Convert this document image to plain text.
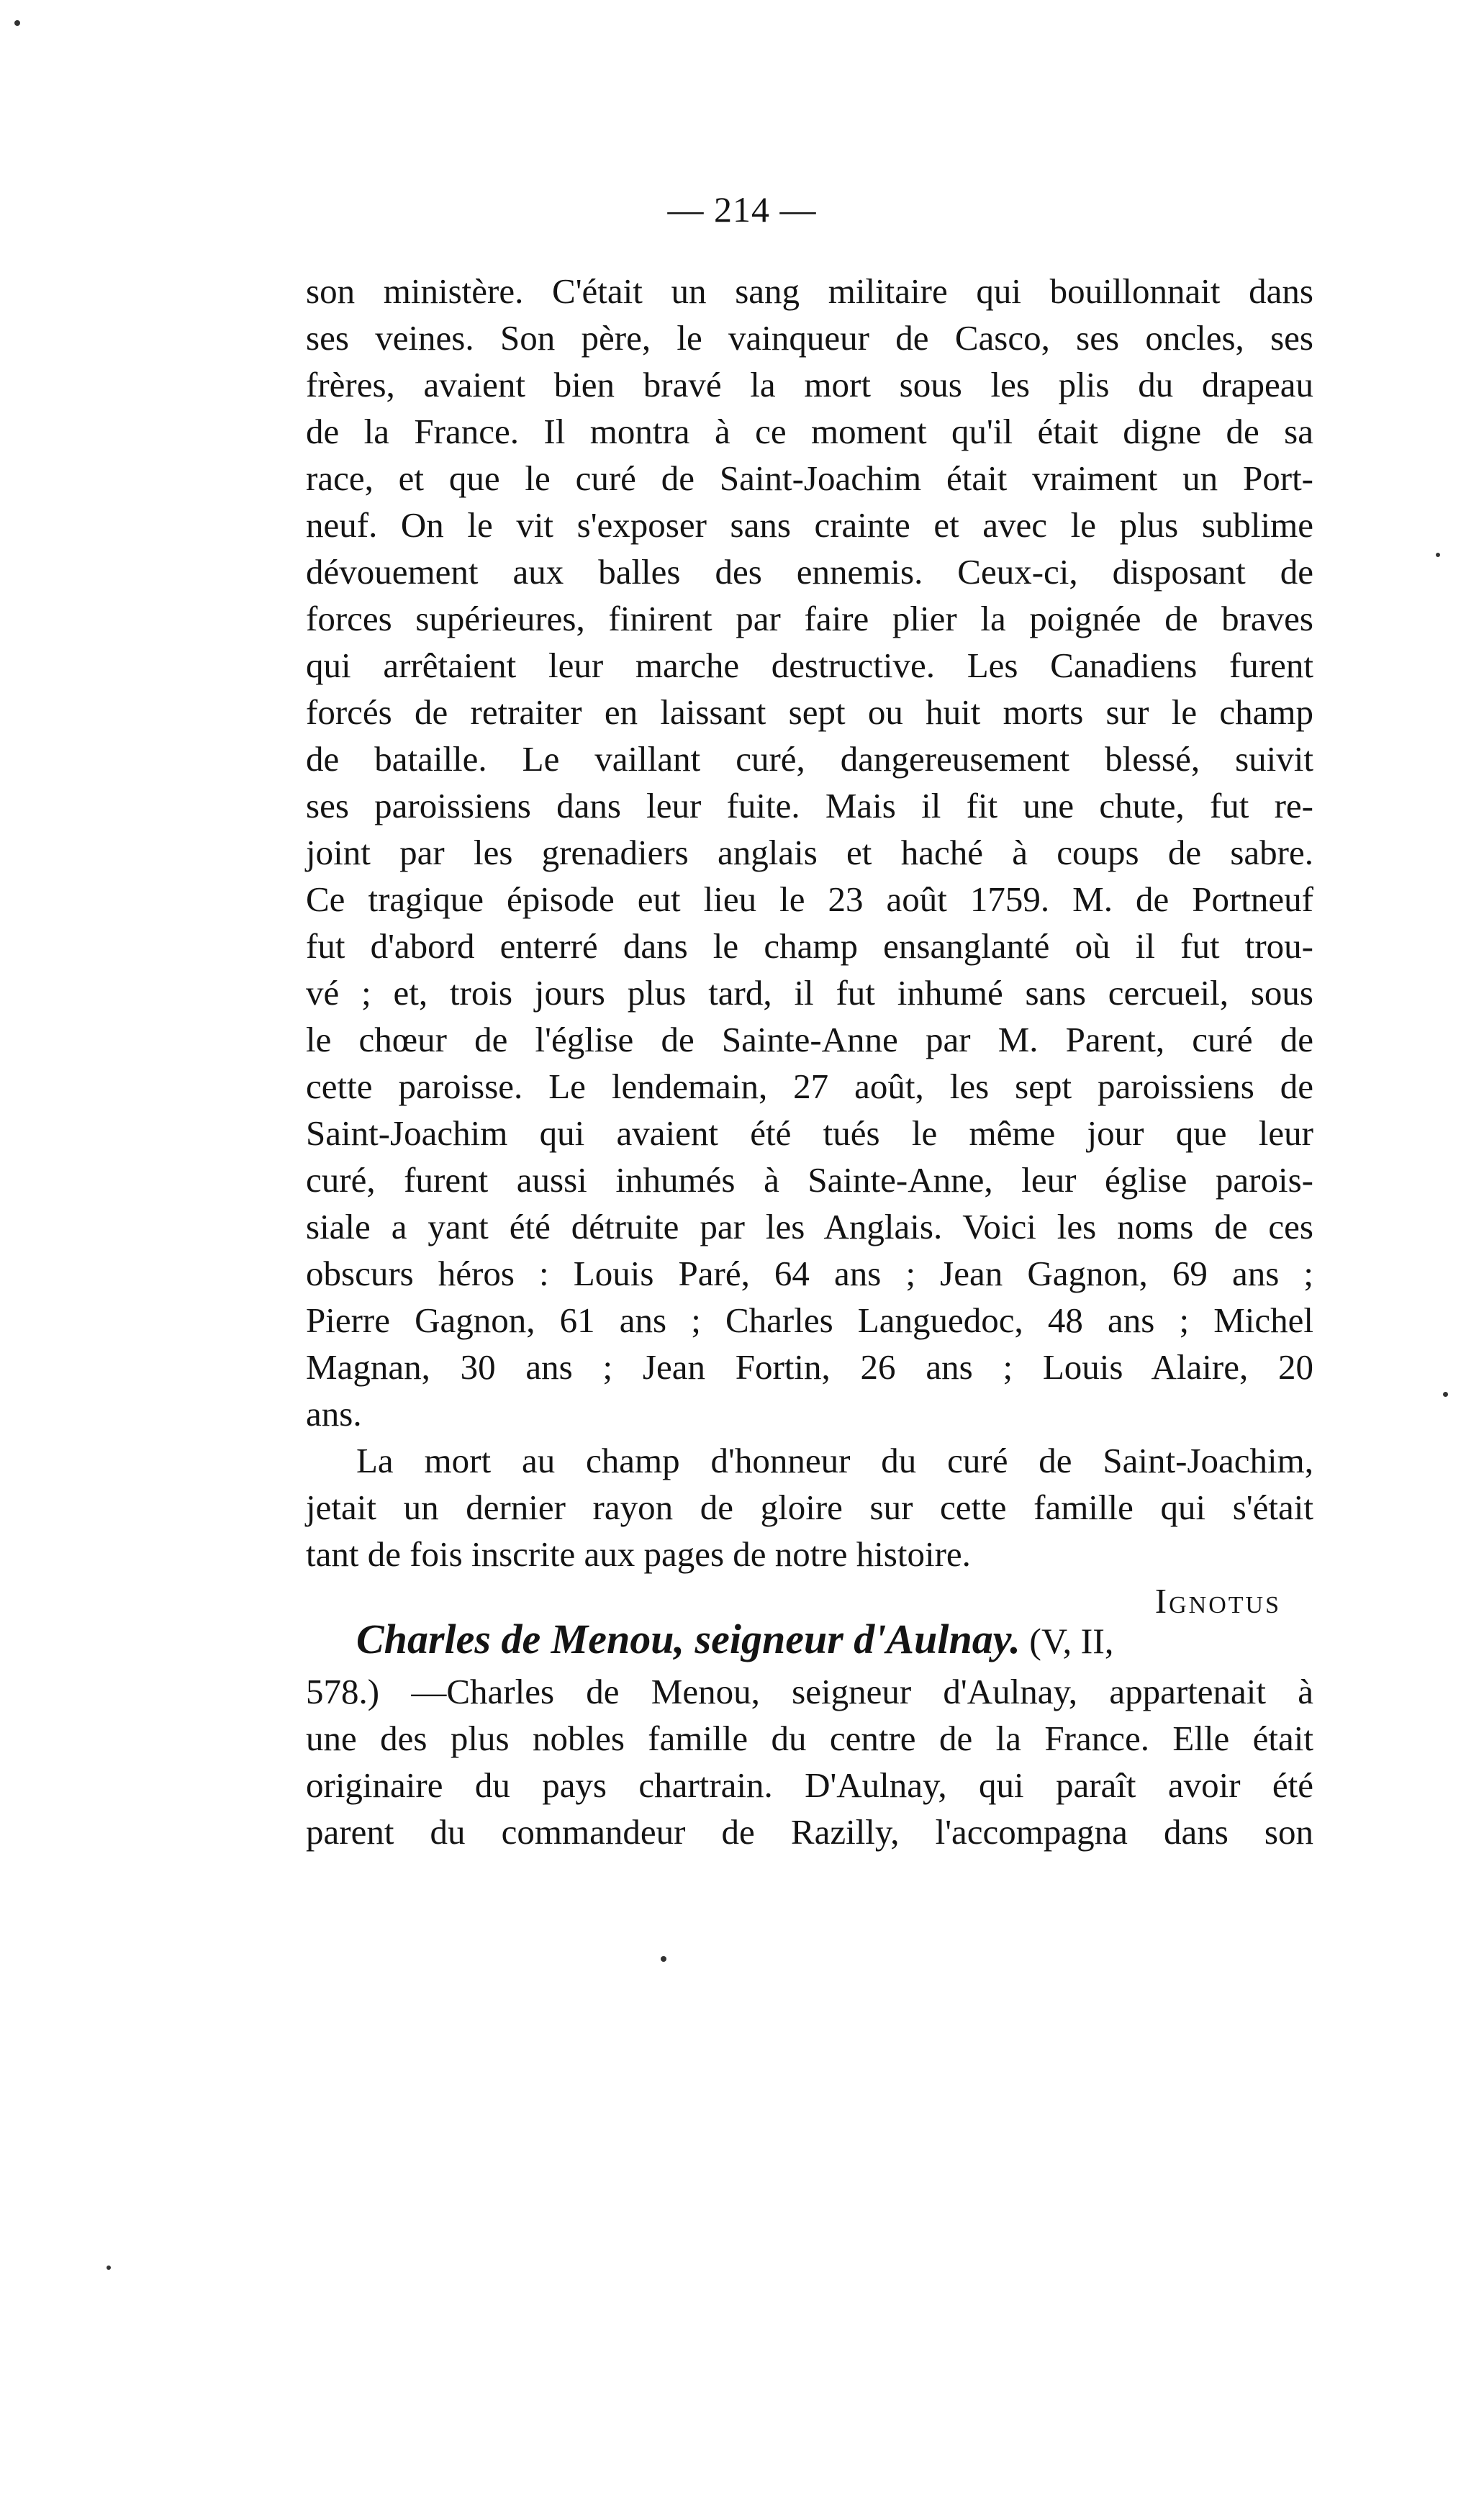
— 214 —
son ministère. C'était un sang militaire qui bouillonnait dans
ses veines. Son père, le vainqueur de Casco, ses oncles, ses
frères, avaient bien bravé la mort sous les plis du drapeau
de la France. Il montra à ce moment qu'il était digne de sa
race, et que le curé de Saint-Joachim était vraiment un Port-
neuf. On le vit s'exposer sans crainte et avec le plus sublime
dévouement aux balles des ennemis. Ceux-ci, disposant de
forces supérieures, finirent par faire plier la poignée de braves
qui arrêtaient leur marche destructive. Les Canadiens furent
forcés de retraiter en laissant sept ou huit morts sur le champ
de bataille. Le vaillant curé, dangereusement blessé, suivit
ses paroissiens dans leur fuite. Mais il fit une chute, fut re-
joint par les grenadiers anglais et haché à coups de sabre.
Ce tragique épisode eut lieu le 23 août 1759. M. de Portneuf
fut d'abord enterré dans le champ ensanglanté où il fut trou-
vé ; et, trois jours plus tard, il fut inhumé sans cercueil, sous
le chœur de l'église de Sainte-Anne par M. Parent, curé de
cette paroisse. Le lendemain, 27 août, les sept paroissiens de
Saint-Joachim qui avaient été tués le même jour que leur
curé, furent aussi inhumés à Sainte-Anne, leur église parois-
siale a yant été détruite par les Anglais. Voici les noms de ces
obscurs héros : Louis Paré, 64 ans ; Jean Gagnon, 69 ans ;
Pierre Gagnon, 61 ans ; Charles Languedoc, 48 ans ; Michel
Magnan, 30 ans ; Jean Fortin, 26 ans ; Louis Alaire, 20
ans.
La mort au champ d'honneur du curé de Saint-Joachim,
jetait un dernier rayon de gloire sur cette famille qui s'était
tant de fois inscrite aux pages de notre histoire.
Ignotus
Charles de Menou, seigneur d'Aulnay. (V, II,
578.) —Charles de Menou, seigneur d'Aulnay, appartenait à
une des plus nobles famille du centre de la France. Elle était
originaire du pays chartrain. D'Aulnay, qui paraît avoir été
parent du commandeur de Razilly, l'accompagna dans son
